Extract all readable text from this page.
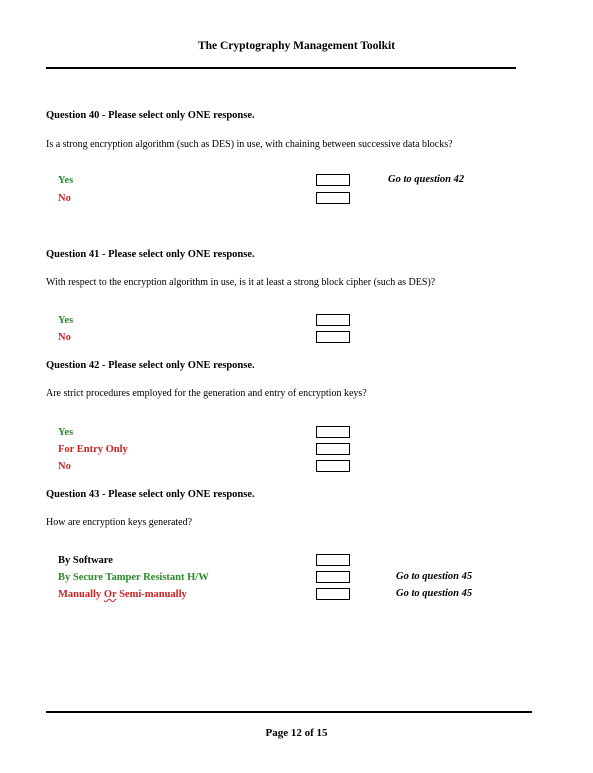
The Cryptography Management Toolkit
Question 40 - Please select only ONE response.
Is a strong encryption algorithm (such as DES) in use, with chaining between successive data blocks?
Yes	Go to question 42
No
Question 41 - Please select only ONE response.
With respect to the encryption algorithm in use, is it at least a strong block cipher (such as DES)?
Yes
No
Question 42 - Please select only ONE response.
Are strict procedures employed for the generation and entry of encryption keys?
Yes
For Entry Only
No
Question 43 - Please select only ONE response.
How are encryption keys generated?
By Software
By Secure Tamper Resistant H/W	Go to question 45
Manually Or Semi-manually	Go to question 45
Page 12 of 15
